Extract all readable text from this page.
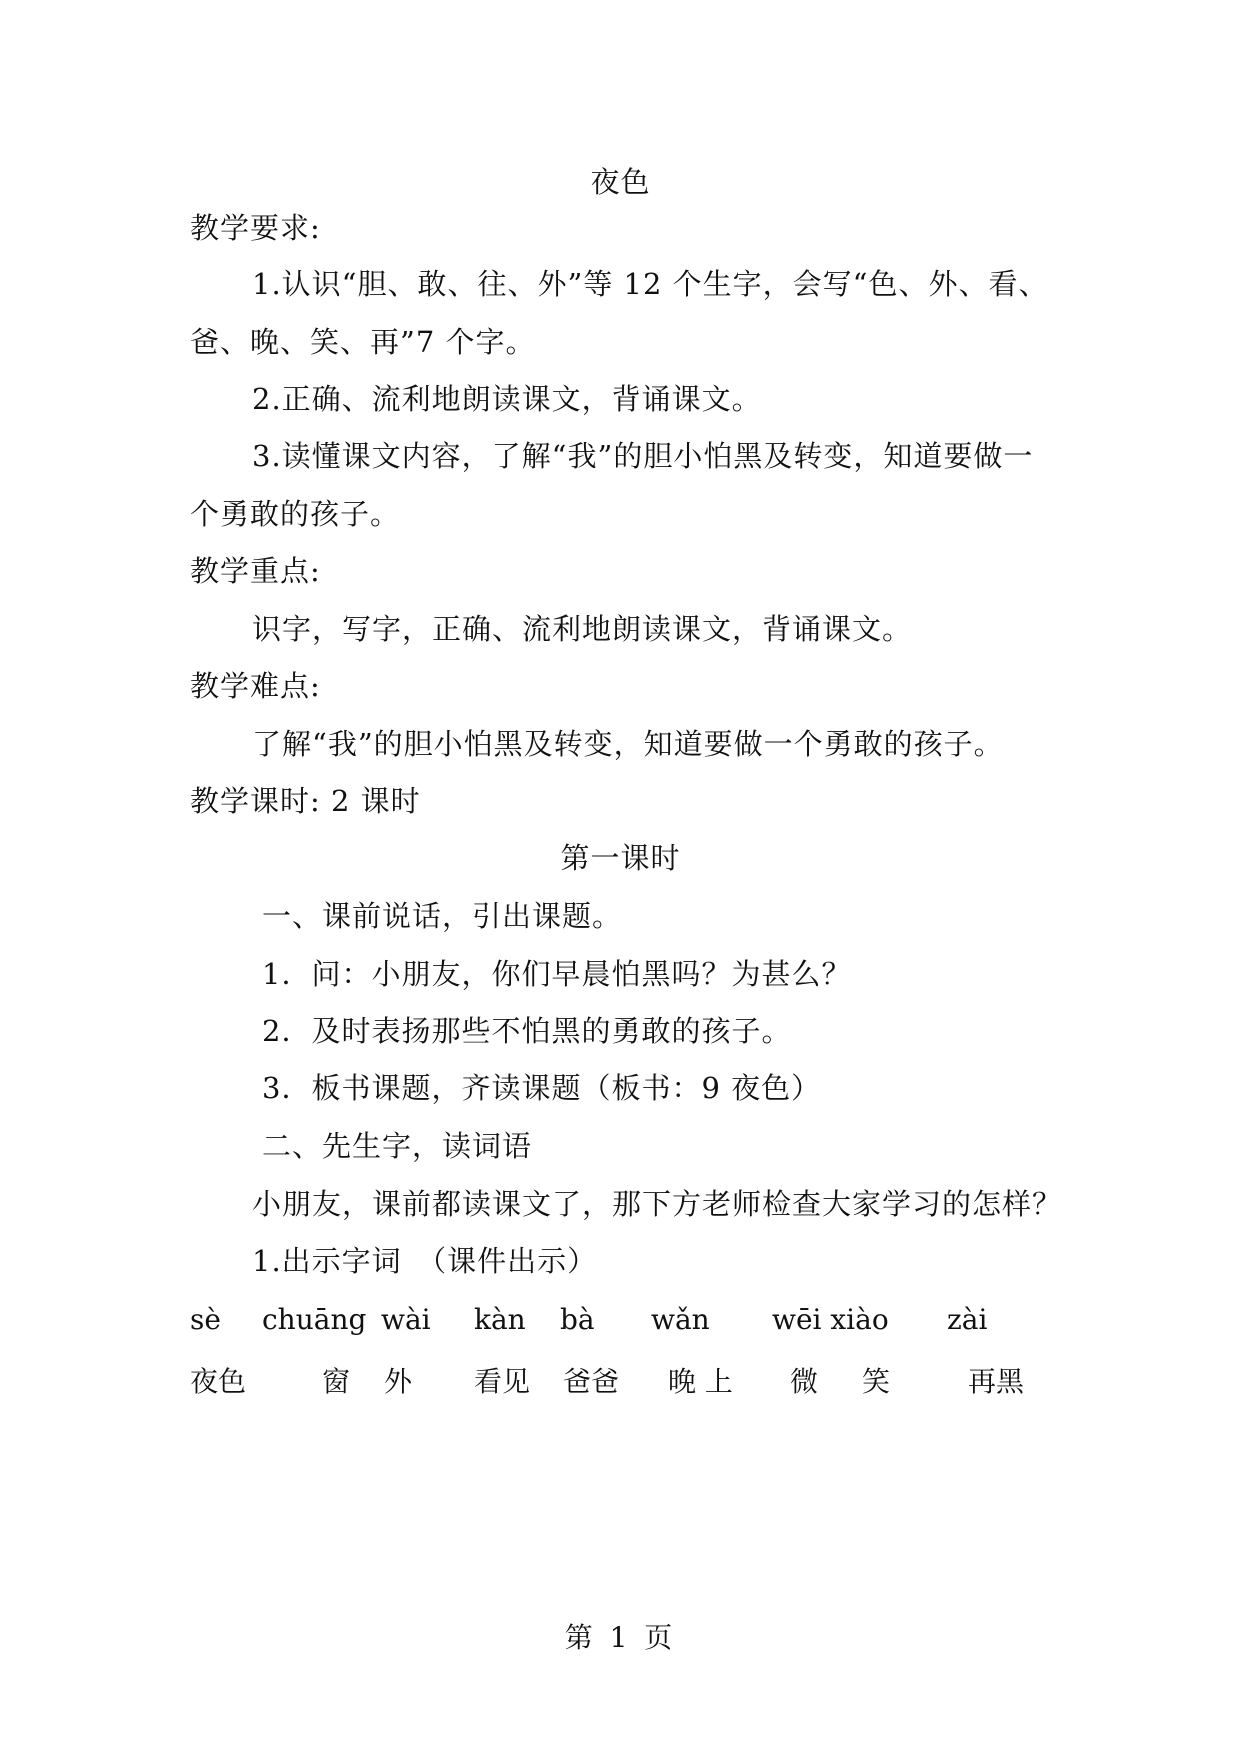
夜色
教学要求:
1.认识“胆、敢、往、外”等 12 个生字，会写“色、外、看、
爸、晚、笑、再”7 个字。
2.正确、流利地朗读课文，背诵课文。
3.读懂课文内容，了解“我”的胆小怕黑及转变，知道要做一
个勇敢的孩子。
教学重点:
识字，写字，正确、流利地朗读课文，背诵课文。
教学难点:
了解“我”的胆小怕黑及转变，知道要做一个勇敢的孩子。
教学课时: 2 课时
第一课时
一、课前说话，引出课题。
1．问：小朋友，你们早晨怕黑吗？为甚么？
2．及时表扬那些不怕黑的勇敢的孩子。
3．板书课题，齐读课题（板书：9 夜色）
二、先生字，读词语
小朋友，课前都读课文了，那下方老师检查大家学习的怎样？
1.出示字词　（课件出示）
sè chuāng wài kàn bà wǎn wēi xiào zài
夜色	窗 外 看见 爸爸 晚 上 微 笑	再黑
第 1 页
